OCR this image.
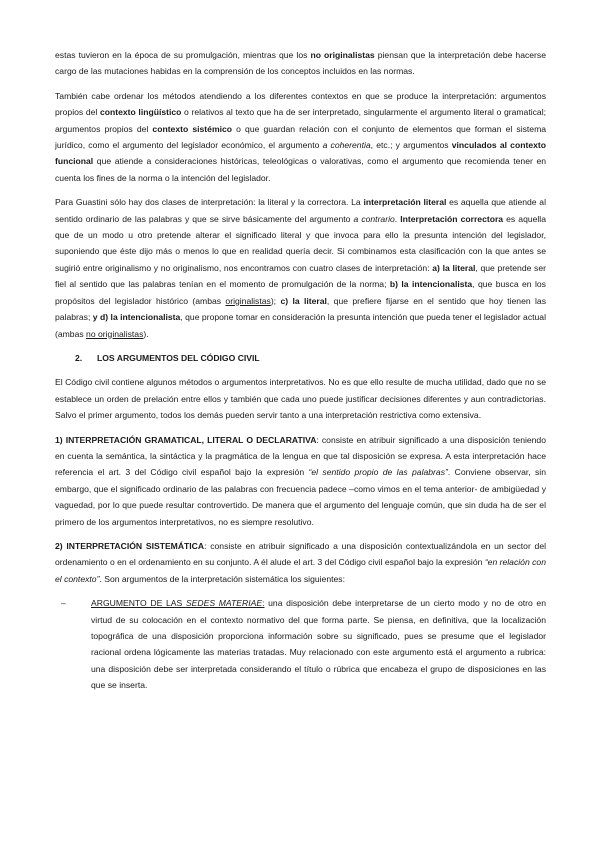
estas tuvieron en la época de su promulgación, mientras que los no originalistas piensan que la interpretación debe hacerse cargo de las mutaciones habidas en la comprensión de los conceptos incluidos en las normas.

También cabe ordenar los métodos atendiendo a los diferentes contextos en que se produce la interpretación: argumentos propios del contexto lingüístico o relativos al texto que ha de ser interpretado, singularmente el argumento literal o gramatical; argumentos propios del contexto sistémico o que guardan relación con el conjunto de elementos que forman el sistema jurídico, como el argumento del legislador económico, el argumento a coherentia, etc.; y argumentos vinculados al contexto funcional que atiende a consideraciones históricas, teleológicas o valorativas, como el argumento que recomienda tener en cuenta los fines de la norma o la intención del legislador.

Para Guastini sólo hay dos clases de interpretación: la literal y la correctora. La interpretación literal es aquella que atiende al sentido ordinario de las palabras y que se sirve básicamente del argumento a contrario. Interpretación correctora es aquella que de un modo u otro pretende alterar el significado literal y que invoca para ello la presunta intención del legislador, suponiendo que éste dijo más o menos lo que en realidad quería decir. Si combinamos esta clasificación con la que antes se sugirió entre originalismo y no originalismo, nos encontramos con cuatro clases de interpretación: a) la literal, que pretende ser fiel al sentido que las palabras tenían en el momento de promulgación de la norma; b) la intencionalista, que busca en los propósitos del legislador histórico (ambas originalistas); c) la literal, que prefiere fijarse en el sentido que hoy tienen las palabras; y d) la intencionalista, que propone tomar en consideración la presunta intención que pueda tener el legislador actual (ambas no originalistas).

2. LOS ARGUMENTOS DEL CÓDIGO CIVIL

El Código civil contiene algunos métodos o argumentos interpretativos. No es que ello resulte de mucha utilidad, dado que no se establece un orden de prelación entre ellos y también que cada uno puede justificar decisiones diferentes y aun contradictorias. Salvo el primer argumento, todos los demás pueden servir tanto a una interpretación restrictiva como extensiva.

1) INTERPRETACIÓN GRAMATICAL, LITERAL O DECLARATIVA: consiste en atribuir significado a una disposición teniendo en cuenta la semántica, la sintáctica y la pragmática de la lengua en que tal disposición se expresa. A esta interpretación hace referencia el art. 3 del Código civil español bajo la expresión “el sentido propio de las palabras”. Conviene observar, sin embargo, que el significado ordinario de las palabras con frecuencia padece –como vimos en el tema anterior- de ambigüedad y vaguedad, por lo que puede resultar controvertido. De manera que el argumento del lenguaje común, que sin duda ha de ser el primero de los argumentos interpretativos, no es siempre resolutivo.

2) INTERPRETACIÓN SISTEMÁTICA: consiste en atribuir significado a una disposición contextualizándola en un sector del ordenamiento o en el ordenamiento en su conjunto. A él alude el art. 3 del Código civil español bajo la expresión “en relación con el contexto”. Son argumentos de la interpretación sistemática los siguientes:

–	ARGUMENTO DE LAS SEDES MATERIAE: una disposición debe interpretarse de un cierto modo y no de otro en virtud de su colocación en el contexto normativo del que forma parte. Se piensa, en definitiva, que la localización topográfica de una disposición proporciona información sobre su significado, pues se presume que el legislador racional ordena lógicamente las materias tratadas. Muy relacionado con este argumento está el argumento a rubrica: una disposición debe ser interpretada considerando el título o rúbrica que encabeza el grupo de disposiciones en las que se inserta.
